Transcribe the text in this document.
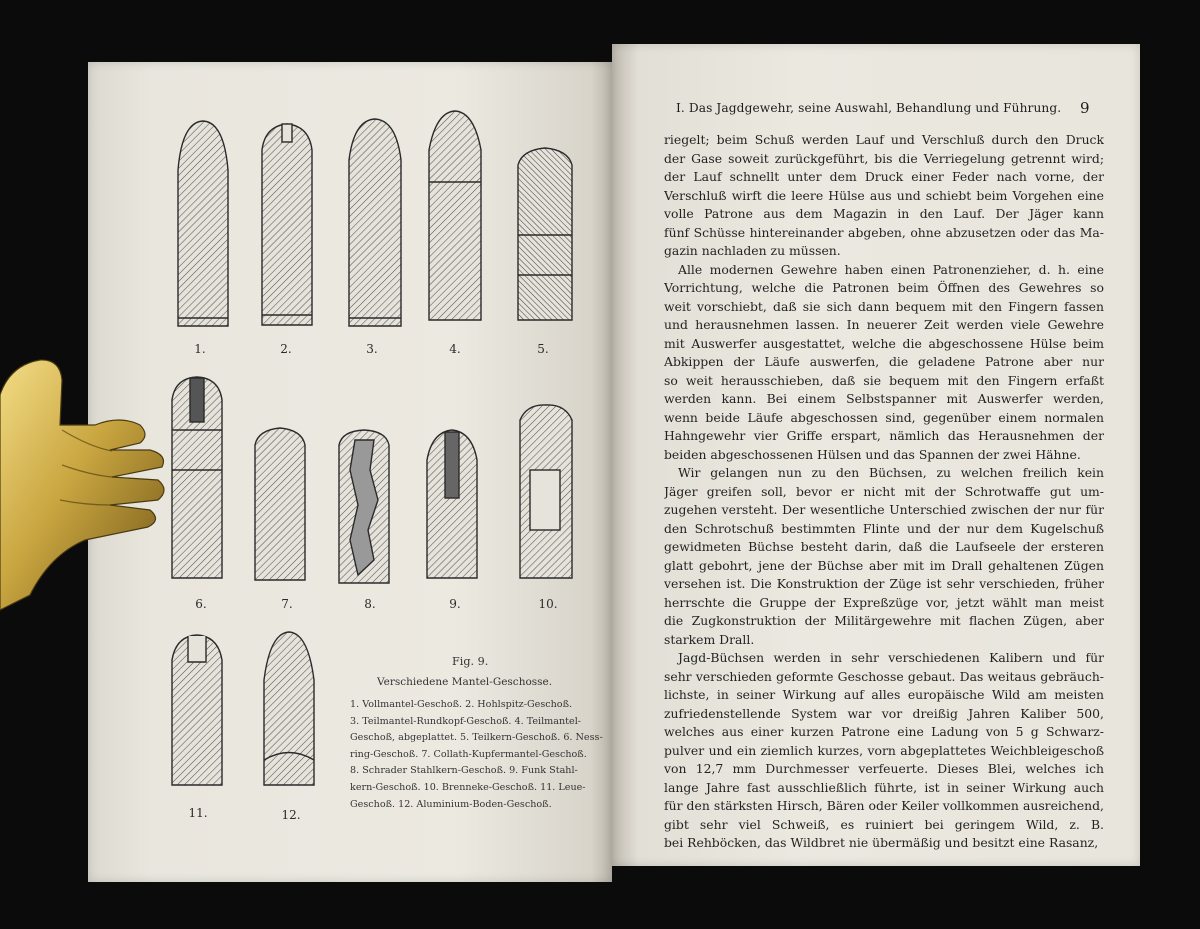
1.	2.	3.	4.	5.
6.	7.	8.	9.	10.
11.	12.
Fig. 9.
Verschiedene Mantel-Geschosse.
1. Vollmantel-Geschoß. 2. Hohlspitz-Geschoß.
3. Teilmantel-Rundkopf-Geschoß. 4. Teilmantel-
Geschoß, abgeplattet. 5. Teilkern-Geschoß. 6. Ness-
ring-Geschoß. 7. Collath-Kupfermantel-Geschoß.
8. Schrader Stahlkern-Geschoß. 9. Funk Stahl-
kern-Geschoß. 10. Brenneke-Geschoß. 11. Leue-
Geschoß. 12. Aluminium-Boden-Geschoß.
I. Das Jagdgewehr, seine Auswahl, Behandlung und Führung.	9
riegelt; beim Schuß werden Lauf und Verschluß durch den Druck
der Gase soweit zurückgeführt, bis die Verriegelung getrennt wird;
der Lauf schnellt unter dem Druck einer Feder nach vorne, der
Verschluß wirft die leere Hülse aus und schiebt beim Vorgehen eine
volle Patrone aus dem Magazin in den Lauf. Der Jäger kann
fünf Schüsse hintereinander abgeben, ohne abzusetzen oder das Ma-
gazin nachladen zu müssen.
Alle modernen Gewehre haben einen Patronenzieher, d. h. eine
Vorrichtung, welche die Patronen beim Öffnen des Gewehres so
weit vorschiebt, daß sie sich dann bequem mit den Fingern fassen
und herausnehmen lassen. In neuerer Zeit werden viele Gewehre
mit Auswerfer ausgestattet, welche die abgeschossene Hülse beim
Abkippen der Läufe auswerfen, die geladene Patrone aber nur
so weit herausschieben, daß sie bequem mit den Fingern erfaßt
werden kann. Bei einem Selbstspanner mit Auswerfer werden,
wenn beide Läufe abgeschossen sind, gegenüber einem normalen
Hahngewehr vier Griffe erspart, nämlich das Herausnehmen der
beiden abgeschossenen Hülsen und das Spannen der zwei Hähne.
Wir gelangen nun zu den Büchsen, zu welchen freilich kein
Jäger greifen soll, bevor er nicht mit der Schrotwaffe gut um-
zugehen versteht. Der wesentliche Unterschied zwischen der nur für
den Schrotschuß bestimmten Flinte und der nur dem Kugelschuß
gewidmeten Büchse besteht darin, daß die Laufseele der ersteren
glatt gebohrt, jene der Büchse aber mit im Drall gehaltenen Zügen
versehen ist. Die Konstruktion der Züge ist sehr verschieden, früher
herrschte die Gruppe der Expreßzüge vor, jetzt wählt man meist
die Zugkonstruktion der Militärgewehre mit flachen Zügen, aber
starkem Drall.
Jagd-Büchsen werden in sehr verschiedenen Kalibern und für
sehr verschieden geformte Geschosse gebaut. Das weitaus gebräuch-
lichste, in seiner Wirkung auf alles europäische Wild am meisten
zufriedenstellende System war vor dreißig Jahren Kaliber 500,
welches aus einer kurzen Patrone eine Ladung von 5 g Schwarz-
pulver und ein ziemlich kurzes, vorn abgeplattetes Weichbleigeschoß
von 12,7 mm Durchmesser verfeuerte. Dieses Blei, welches ich
lange Jahre fast ausschließlich führte, ist in seiner Wirkung auch
für den stärksten Hirsch, Bären oder Keiler vollkommen ausreichend,
gibt sehr viel Schweiß, es ruiniert bei geringem Wild, z. B.
bei Rehböcken, das Wildbret nie übermäßig und besitzt eine Rasanz,
